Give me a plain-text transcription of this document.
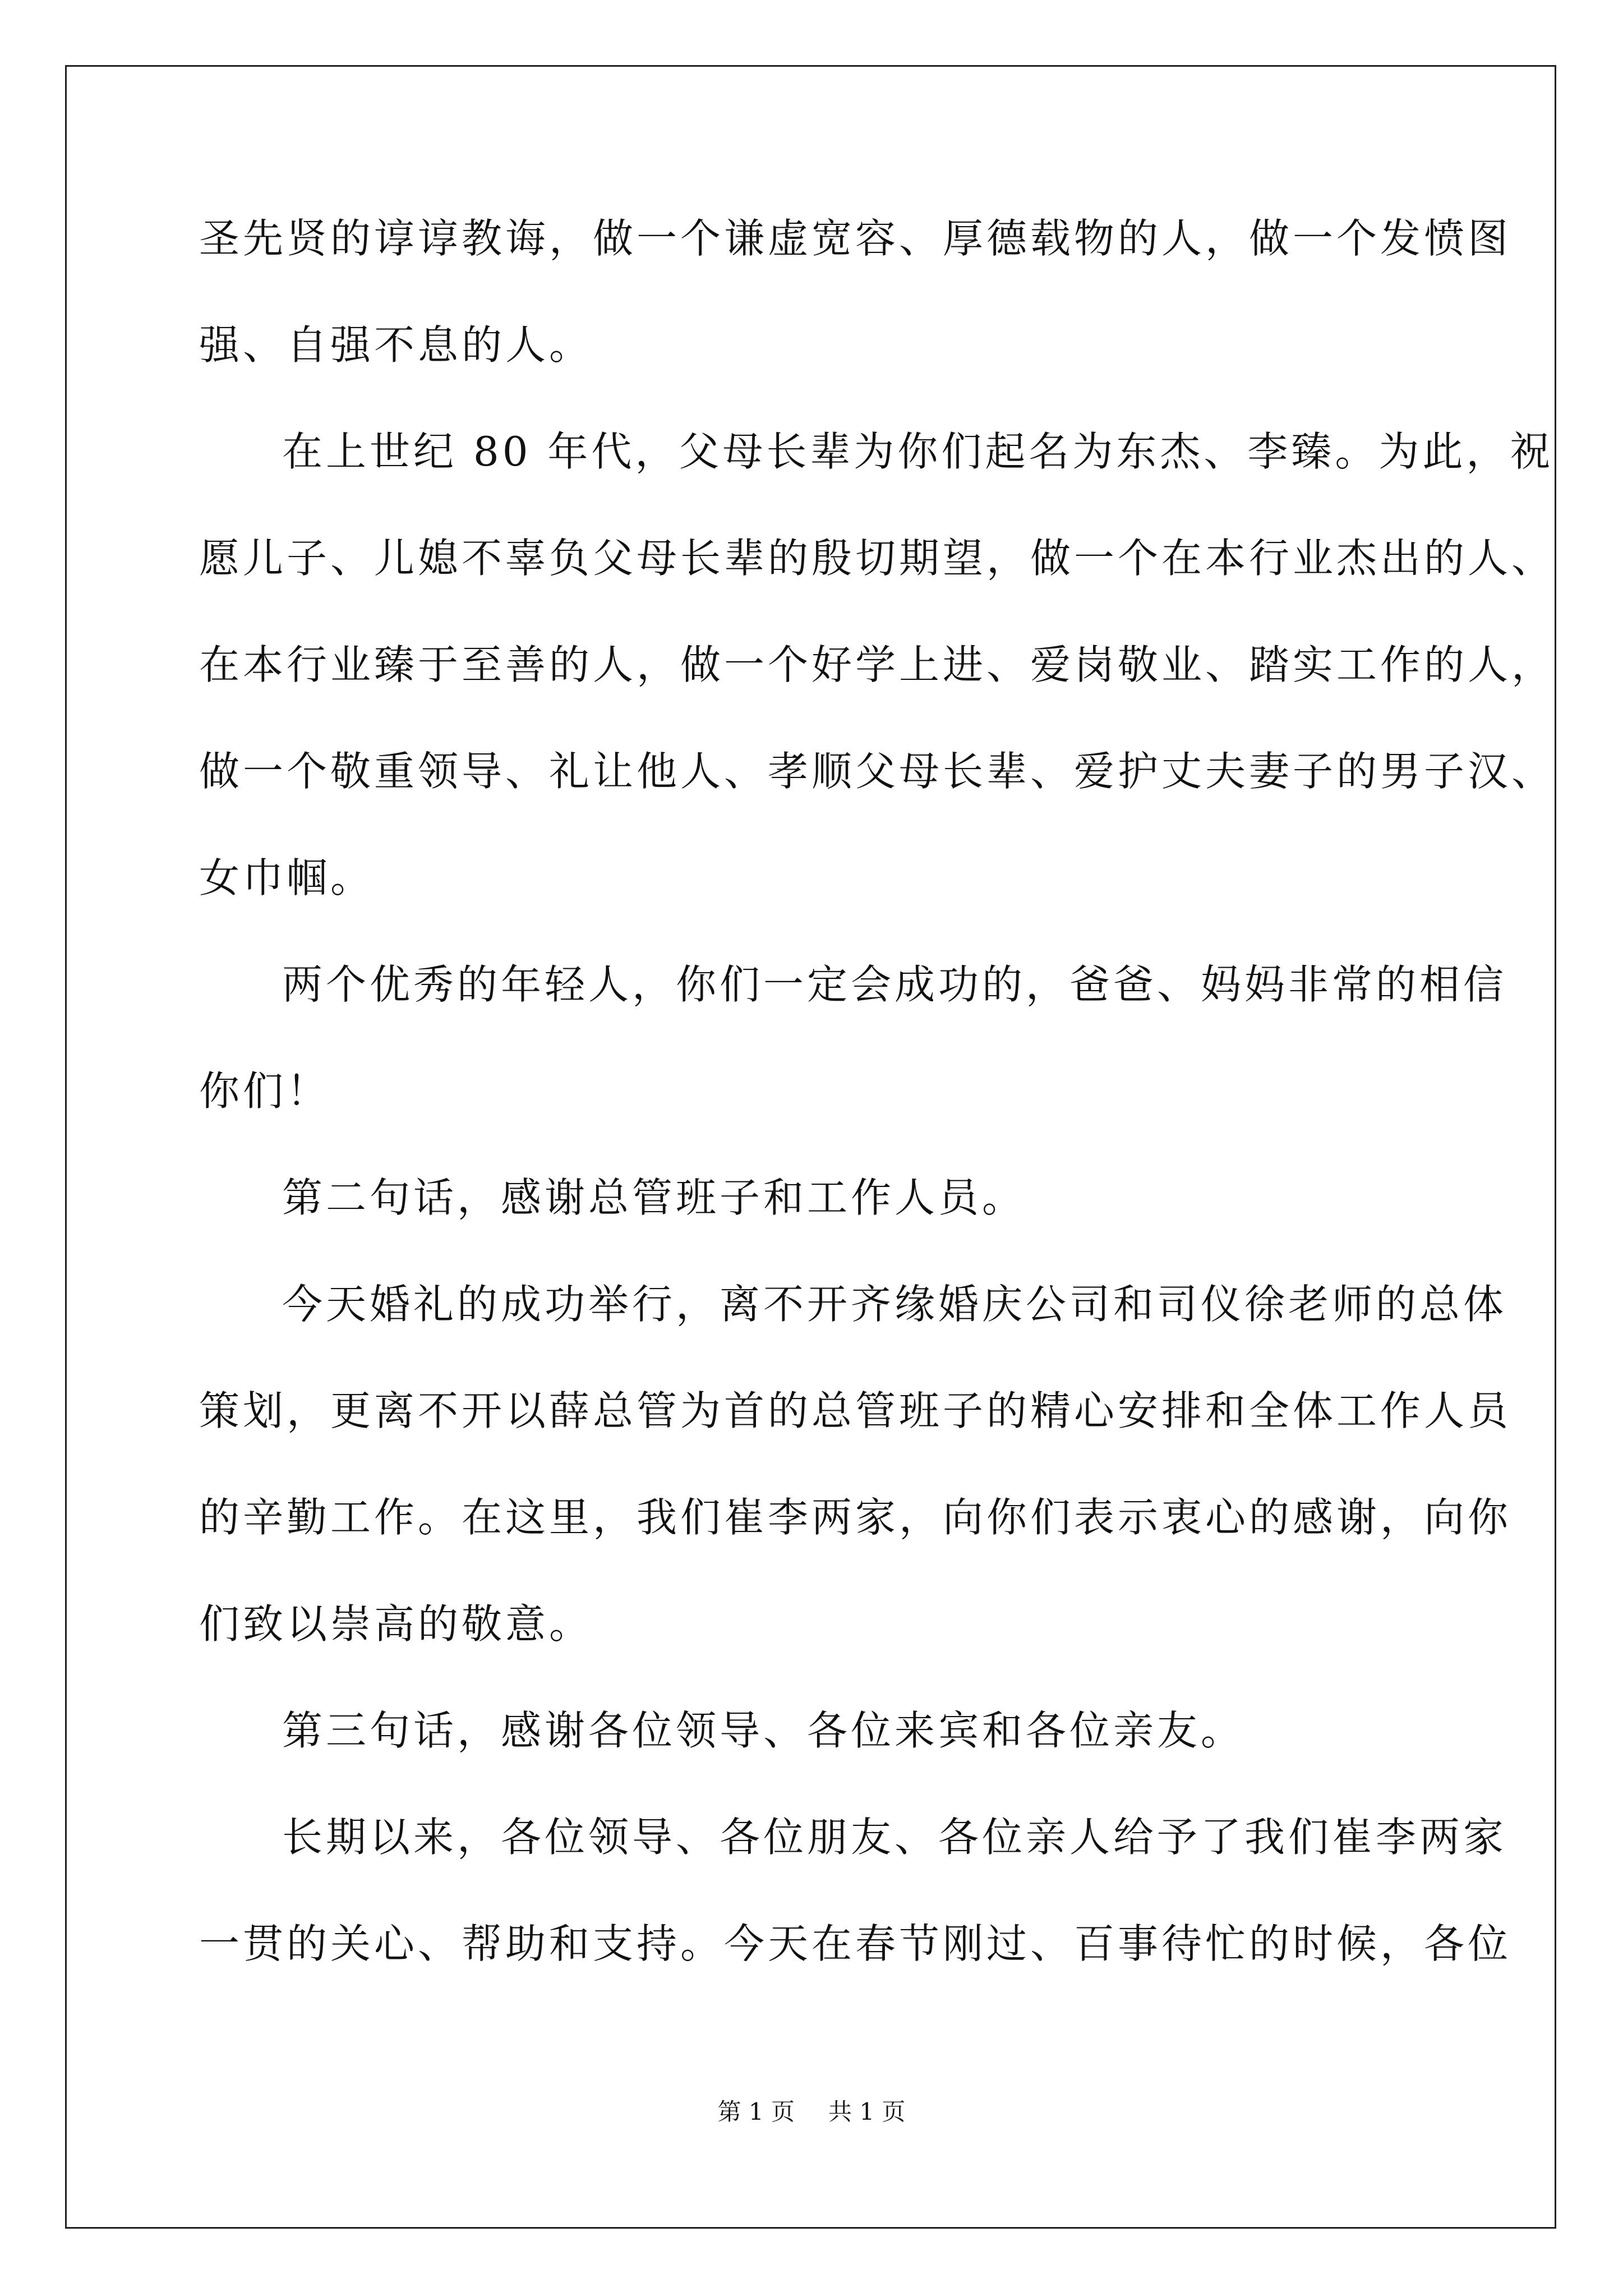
圣先贤的谆谆教诲，做一个谦虚宽容、厚德载物的人，做一个发愤图
强、自强不息的人。
在上世纪 80 年代，父母长辈为你们起名为东杰、李臻。为此，祝
愿儿子、儿媳不辜负父母长辈的殷切期望，做一个在本行业杰出的人、
在本行业臻于至善的人，做一个好学上进、爱岗敬业、踏实工作的人，
做一个敬重领导、礼让他人、孝顺父母长辈、爱护丈夫妻子的男子汉、
女巾帼。
两个优秀的年轻人，你们一定会成功的，爸爸、妈妈非常的相信
你们！
第二句话，感谢总管班子和工作人员。
今天婚礼的成功举行，离不开齐缘婚庆公司和司仪徐老师的总体
策划，更离不开以薛总管为首的总管班子的精心安排和全体工作人员
的辛勤工作。在这里，我们崔李两家，向你们表示衷心的感谢，向你
们致以崇高的敬意。
第三句话，感谢各位领导、各位来宾和各位亲友。
长期以来，各位领导、各位朋友、各位亲人给予了我们崔李两家
一贯的关心、帮助和支持。今天在春节刚过、百事待忙的时候，各位
第 1 页 共 1 页
